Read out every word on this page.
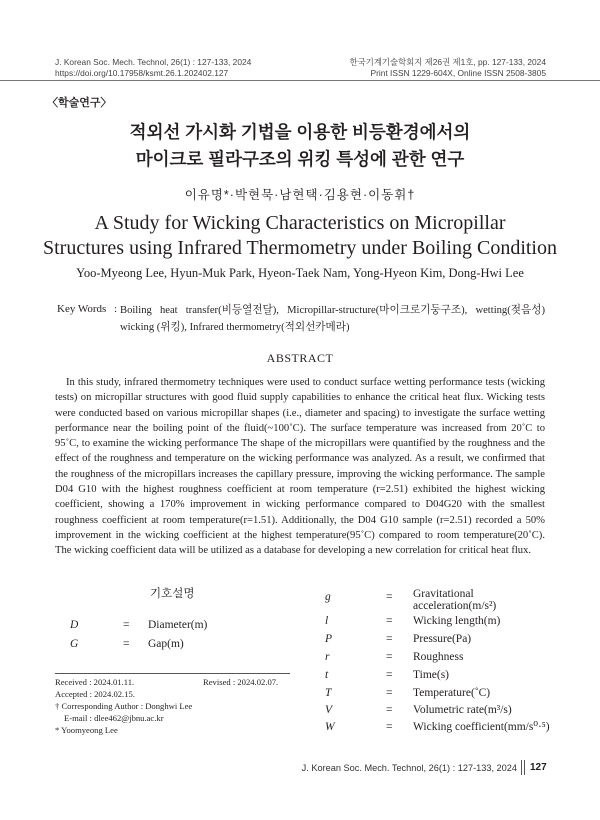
J. Korean Soc. Mech. Technol, 26(1) : 127-133, 2024
https://doi.org/10.17958/ksmt.26.1.202402.127
한국기계기술학회지 제26권 제1호, pp. 127-133, 2024
Print ISSN 1229-604X, Online ISSN 2508-3805
〈학술연구〉
적외선 가시화 기법을 이용한 비등환경에서의
마이크로 필라구조의 위킹 특성에 관한 연구
이유명*·박현묵·남현택·김용현·이동휘†
A Study for Wicking Characteristics on Micropillar
Structures using Infrared Thermometry under Boiling Condition
Yoo-Myeong Lee, Hyun-Muk Park, Hyeon-Taek Nam, Yong-Hyeon Kim, Dong-Hwi Lee
Key Words : Boiling heat transfer(비등열전달), Micropillar-structure(마이크로기둥구조), wetting(젖음성) wicking (위킹), Infrared thermometry(적외선카메라)
ABSTRACT
In this study, infrared thermometry techniques were used to conduct surface wetting performance tests (wicking tests) on micropillar structures with good fluid supply capabilities to enhance the critical heat flux. Wicking tests were conducted based on various micropillar shapes (i.e., diameter and spacing) to investigate the surface wetting performance near the boiling point of the fluid(~100˚C). The surface temperature was increased from 20˚C to 95˚C, to examine the wicking performance The shape of the micropillars were quantified by the roughness and the effect of the roughness and temperature on the wicking performance was analyzed. As a result, we confirmed that the roughness of the micropillars increases the capillary pressure, improving the wicking performance. The sample D04 G10 with the highest roughness coefficient at room temperature (r=2.51) exhibited the highest wicking coefficient, showing a 170% improvement in wicking performance compared to D04G20 with the smallest roughness coefficient at room temperature(r=1.51). Additionally, the D04 G10 sample (r=2.51) recorded a 50% improvement in the wicking coefficient at the highest temperature(95˚C) compared to room temperature(20˚C). The wicking coefficient data will be utilized as a database for developing a new correlation for critical heat flux.
기호설명
D	= Diameter(m)
G	= Gap(m)
Received : 2024.01.11.	Revised : 2024.02.07.
Accepted : 2024.02.15.
† Corresponding Author : Donghwi Lee
E-mail : dlee462@jbnu.ac.kr
* Yoomyeong Lee
g	= Gravitational acceleration(m/s²)
l	= Wicking length(m)
P	= Pressure(Pa)
r	= Roughness
t	= Time(s)
T	= Temperature(˚C)
V	= Volumetric rate(m³/s)
W	= Wicking coefficient(mm/s⁰·⁵)
J. Korean Soc. Mech. Technol, 26(1) : 127-133, 2024 127
